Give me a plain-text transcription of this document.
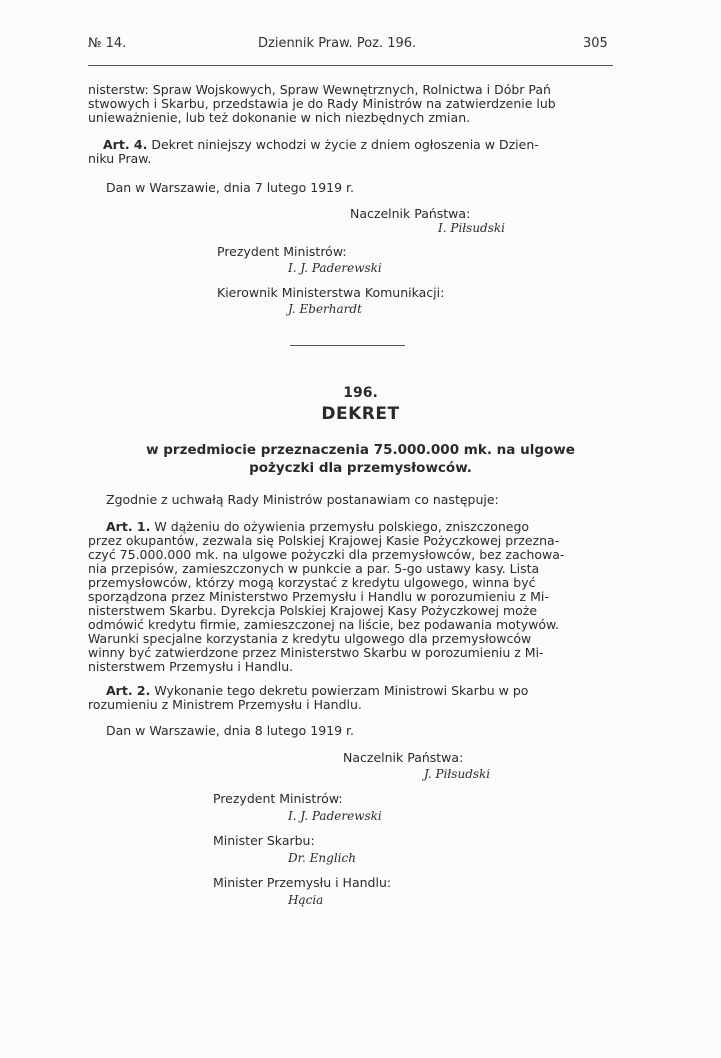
№ 14.	Dziennik Praw. Poz. 196.	305
nisterstw: Spraw Wojskowych, Spraw Wewnętrznych, Rolnictwa i Dóbr Pań
stwowych i Skarbu, przedstawia je do Rady Ministrów na zatwierdzenie lub
unieważnienie, lub też dokonanie w nich niezbędnych zmian.
Art. 4. Dekret niniejszy wchodzi w życie z dniem ogłoszenia w Dzien-
niku Praw.
Dan w Warszawie, dnia 7 lutego 1919 r.
Naczelnik Państwa:
I. Piłsudski
Prezydent Ministrów:
I. J. Paderewski
Kierownik Ministerstwa Komunikacji:
J. Eberhardt
196.
DEKRET
w przedmiocie przeznaczenia 75.000.000 mk. na ulgowe
pożyczki dla przemysłowców.
Zgodnie z uchwałą Rady Ministrów postanawiam co następuje:
Art. 1. W dążeniu do ożywienia przemysłu polskiego, zniszczonego
przez okupantów, zezwala się Polskiej Krajowej Kasie Pożyczkowej przezna-
czyć 75.000.000 mk. na ulgowe pożyczki dla przemysłowców, bez zachowa-
nia przepisów, zamieszczonych w punkcie a par. 5-go ustawy kasy. Lista
przemysłowców, którzy mogą korzystać z kredytu ulgowego, winna być
sporządzona przez Ministerstwo Przemysłu i Handlu w porozumieniu z Mi-
nisterstwem Skarbu. Dyrekcja Polskiej Krajowej Kasy Pożyczkowej może
odmówić kredytu firmie, zamieszczonej na liście, bez podawania motywów.
Warunki specjalne korzystania z kredytu ulgowego dla przemysłowców
winny być zatwierdzone przez Ministerstwo Skarbu w porozumieniu z Mi-
nisterstwem Przemysłu i Handlu.
Art. 2. Wykonanie tego dekretu powierzam Ministrowi Skarbu w po
rozumieniu z Ministrem Przemysłu i Handlu.
Dan w Warszawie, dnia 8 lutego 1919 r.
Naczelnik Państwa:
J. Piłsudski
Prezydent Ministrów:
I. J. Paderewski
Minister Skarbu:
Dr. Englich
Minister Przemysłu i Handlu:
Hącia
